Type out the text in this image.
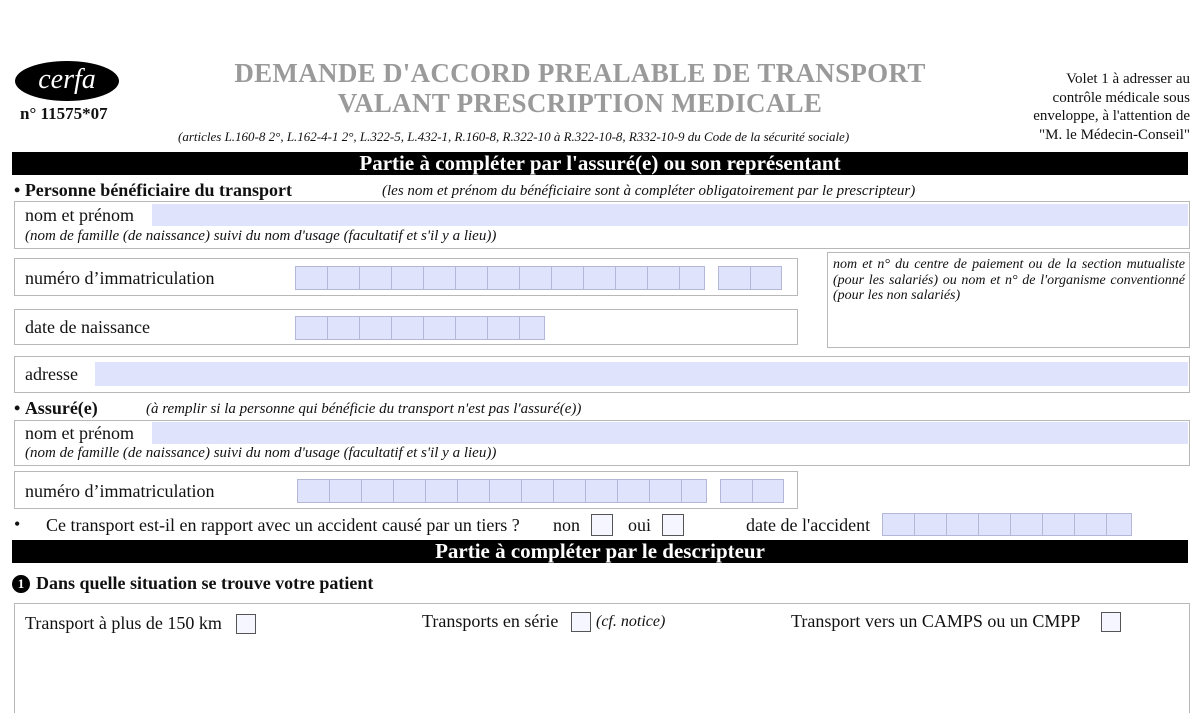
cerfa
n° 11575*07
DEMANDE D'ACCORD PREALABLE DE TRANSPORT
VALANT PRESCRIPTION MEDICALE
(articles L.160-8 2°, L.162-4-1 2°, L.322-5, L.432-1, R.160-8, R.322-10 à R.322-10-8, R332-10-9 du Code de la sécurité sociale)
Volet 1 à adresser au
contrôle médicale sous
enveloppe, à l'attention de
"M. le Médecin-Conseil"
Partie à compléter par l'assuré(e) ou son représentant
• Personne bénéficiaire du transport	(les nom et prénom du bénéficiaire sont à compléter obligatoirement par le prescripteur)
nom et prénom
(nom de famille (de naissance) suivi du nom d'usage (facultatif et s'il y a lieu))
numéro d’immatriculation
date de naissance
nom et n° du centre de paiement ou de la section mutualiste (pour les salariés) ou nom et n° de l'organisme conventionné (pour les non salariés)
adresse
• Assuré(e)	(à remplir si la personne qui bénéficie du transport n'est pas l'assuré(e))
nom et prénom
(nom de famille (de naissance) suivi du nom d'usage (facultatif et s'il y a lieu))
numéro d’immatriculation
• Ce transport est-il en rapport avec un accident causé par un tiers ? non	oui	date de l'accident
Partie à compléter par le descripteur
1 Dans quelle situation se trouve votre patient
Transport à plus de 150 km	Transports en série (cf. notice)	Transport vers un CAMPS ou un CMPP
